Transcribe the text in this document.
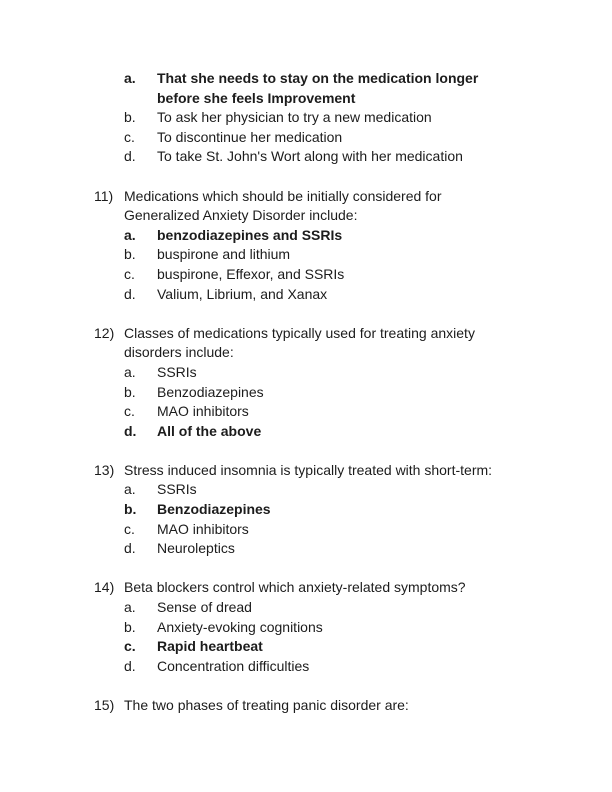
a.	That she needs to stay on the medication longer
before she feels Improvement
b.	To ask her physician to try a new medication
c.	To discontinue her medication
d.	To take St. John's Wort along with her medication
11) Medications which should be initially considered for
Generalized Anxiety Disorder include:
a.	benzodiazepines and SSRIs
b.	buspirone and lithium
c.	buspirone, Effexor, and SSRIs
d.	Valium, Librium, and Xanax
12) Classes of medications typically used for treating anxiety
disorders include:
a.	SSRIs
b.	Benzodiazepines
c.	MAO inhibitors
d.	All of the above
13) Stress induced insomnia is typically treated with short-term:
a.	SSRIs
b.	Benzodiazepines
c.	MAO inhibitors
d.	Neuroleptics
14) Beta blockers control which anxiety-related symptoms?
a.	Sense of dread
b.	Anxiety-evoking cognitions
c.	Rapid heartbeat
d.	Concentration difficulties
15) The two phases of treating panic disorder are:
